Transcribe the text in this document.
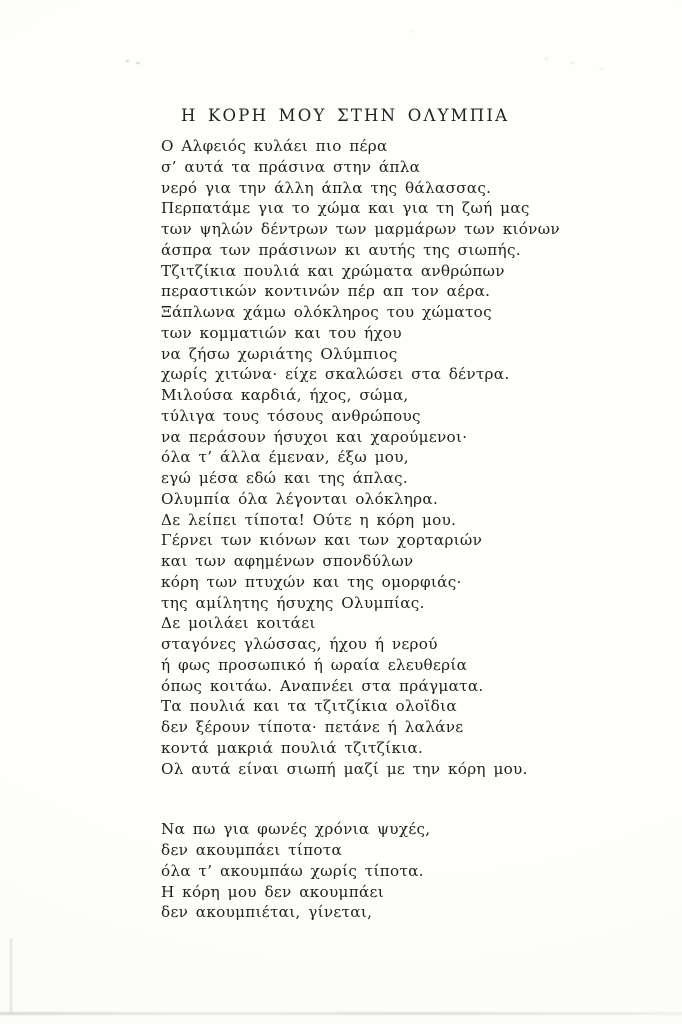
Η ΚΟΡΗ ΜΟΥ ΣΤΗΝ ΟΛΥΜΠΙΑ
Ο Αλφειός κυλάει πιο πέρα
σ’ αυτά τα πράσινα στην άπλα
νερό για την άλλη άπλα της θάλασσας.
Περπατάμε για το χώμα και για τη ζωή μας
των ψηλών δέντρων των μαρμάρων των κιόνων
άσπρα των πράσινων κι αυτής της σιωπής.
Τζιτζίκια πουλιά και χρώματα ανθρώπων
περαστικών κοντινών πέρ απ τον αέρα.
Ξάπλωνα χάμω ολόκληρος του χώματος
των κομματιών και του ήχου
να ζήσω χωριάτης Ολύμπιος
χωρίς χιτώνα· είχε σκαλώσει στα δέντρα.
Μιλούσα καρδιά, ήχος, σώμα,
τύλιγα τους τόσους ανθρώπους
να περάσουν ήσυχοι και χαρούμενοι·
όλα τ’ άλλα έμεναν, έξω μου,
εγώ μέσα εδώ και της άπλας.
Ολυμπία όλα λέγονται ολόκληρα.
Δε λείπει τίποτα! Ούτε η κόρη μου.
Γέρνει των κιόνων και των χορταριών
και των αφημένων σπονδύλων
κόρη των πτυχών και της ομορφιάς·
της αμίλητης ήσυχης Ολυμπίας.
Δε μοιλάει κοιτάει
σταγόνες γλώσσας, ήχου ή νερού
ή φως προσωπικό ή ωραία ελευθερία
όπως κοιτάω. Αναπνέει στα πράγματα.
Τα πουλιά και τα τζιτζίκια ολοϊδια
δεν ξέρουν τίποτα· πετάνε ή λαλάνε
κοντά μακριά πουλιά τζιτζίκια.
Ολ αυτά είναι σιωπή μαζί με την κόρη μου.
Να πω για φωνές χρόνια ψυχές,
δεν ακουμπάει τίποτα
όλα τ’ ακουμπάω χωρίς τίποτα.
Η κόρη μου δεν ακουμπάει
δεν ακουμπιέται, γίνεται,
